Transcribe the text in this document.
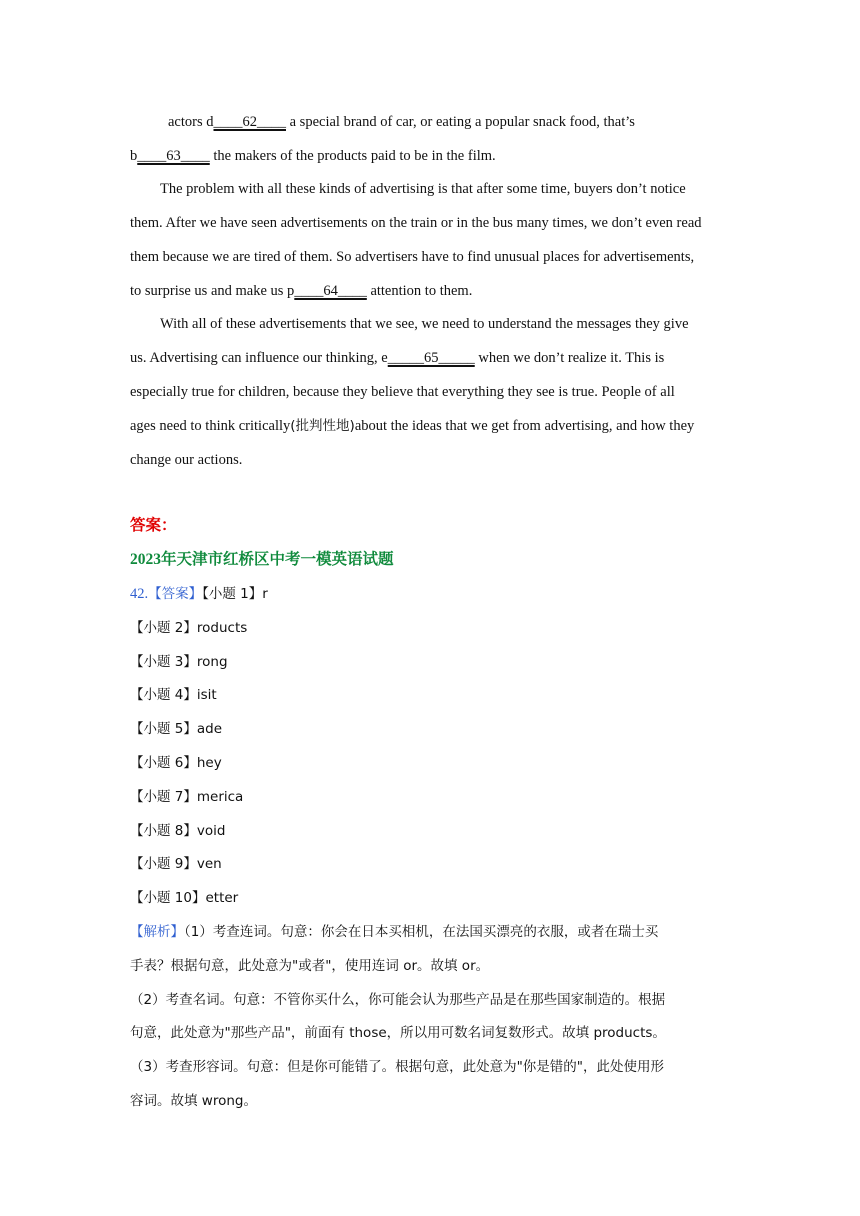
actors d____62____ a special brand of car, or eating a popular snack food, that’s
b____63____ the makers of the products paid to be in the film.
The problem with all these kinds of advertising is that after some time, buyers don’t notice
them. After we have seen advertisements on the train or in the bus many times, we don’t even read
them because we are tired of them. So advertisers have to find unusual places for advertisements,
to surprise us and make us p____64____ attention to them.
With all of these advertisements that we see, we need to understand the messages they give
us. Advertising can influence our thinking, e_____65_____ when we don’t realize it. This is
especially true for children, because they believe that everything they see is true. People of all
ages need to think critically(批判性地)about the ideas that we get from advertising, and how they
change our actions.
答案：
2023年天津市红桥区中考一模英语试题
42.【答案】【小题 1】r
【小题 2】roducts
【小题 3】rong
【小题 4】isit
【小题 5】ade
【小题 6】hey
【小题 7】merica
【小题 8】void
【小题 9】ven
【小题 10】etter
【解析】（1）考查连词。句意：你会在日本买相机，在法国买漂亮的衣服，或者在瑞士买
手表？根据句意，此处意为"或者"，使用连词 or。故填 or。
（2）考查名词。句意：不管你买什么，你可能会认为那些产品是在那些国家制造的。根据
句意，此处意为"那些产品"，前面有 those，所以用可数名词复数形式。故填 products。
（3）考查形容词。句意：但是你可能错了。根据句意，此处意为"你是错的"，此处使用形
容词。故填 wrong。
